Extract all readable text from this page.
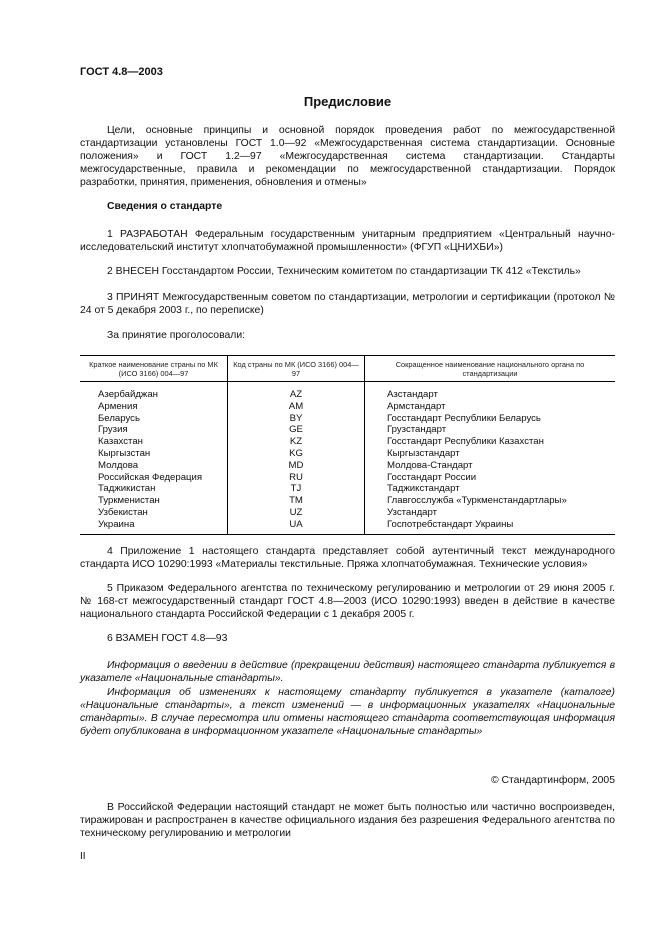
ГОСТ 4.8—2003
Предисловие

Цели, основные принципы и основной порядок проведения работ по межгосударственной стандартизации установлены ГОСТ 1.0—92 «Межгосударственная система стандартизации. Основные положения» и ГОСТ 1.2—97 «Межгосударственная система стандартизации. Стандарты межгосударственные, правила и рекомендации по межгосударственной стандартизации. Порядок разработки, принятия, применения, обновления и отмены»

Сведения о стандарте

1 РАЗРАБОТАН Федеральным государственным унитарным предприятием «Центральный научно-исследовательский институт хлопчатобумажной промышленности» (ФГУП «ЦНИХБИ»)

2 ВНЕСЕН Госстандартом России, Техническим комитетом по стандартизации ТК 412 «Текстиль»

3 ПРИНЯТ Межгосударственным советом по стандартизации, метрологии и сертификации (протокол № 24 от 5 декабря 2003 г., по переписке)

За принятие проголосовали:

Краткое наименование страны по МК (ИСО 3166) 004—97	Код страны по МК (ИСО 3166) 004—97	Сокращенное наименование национального органа по стандартизации
Азербайджан	AZ	Азстандарт
Армения	AM	Армстандарт
Беларусь	BY	Госстандарт Республики Беларусь
Грузия	GE	Грузстандарт
Казахстан	KZ	Госстандарт Республики Казахстан
Кыргызстан	KG	Кыргызстандарт
Молдова	MD	Молдова-Стандарт
Российская Федерация	RU	Госстандарт России
Таджикистан	TJ	Таджикстандарт
Туркменистан	TM	Главгосслужба «Туркменстандартлары»
Узбекистан	UZ	Узстандарт
Украина	UA	Госпотребстандарт Украины

4 Приложение 1 настоящего стандарта представляет собой аутентичный текст международного стандарта ИСО 10290:1993 «Материалы текстильные. Пряжа хлопчатобумажная. Технические условия»

5 Приказом Федерального агентства по техническому регулированию и метрологии от 29 июня 2005 г. № 168-ст межгосударственный стандарт ГОСТ 4.8—2003 (ИСО 10290:1993) введен в действие в качестве национального стандарта Российской Федерации с 1 декабря 2005 г.

6 ВЗАМЕН ГОСТ 4.8—93

Информация о введении в действие (прекращении действия) настоящего стандарта публикуется в указателе «Национальные стандарты».

Информация об изменениях к настоящему стандарту публикуется в указателе (каталоге) «Национальные стандарты», а текст изменений — в информационных указателях «Национальные стандарты». В случае пересмотра или отмены настоящего стандарта соответствующая информация будет опубликована в информационном указателе «Национальные стандарты»

© Стандартинформ, 2005

В Российской Федерации настоящий стандарт не может быть полностью или частично воспроизведен, тиражирован и распространен в качестве официального издания без разрешения Федерального агентства по техническому регулированию и метрологии

II
